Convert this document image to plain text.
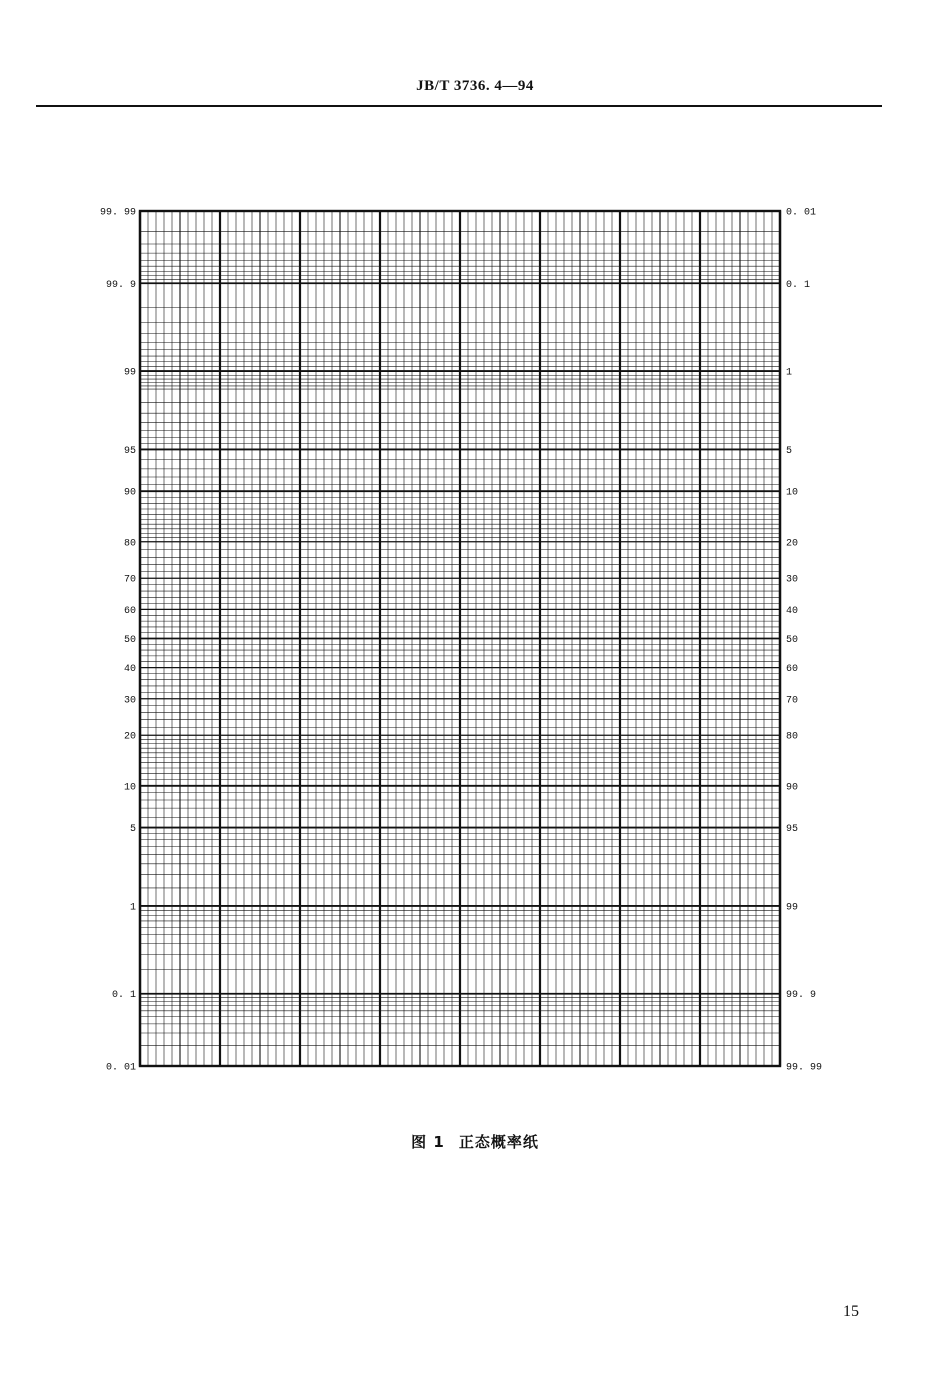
JB/T 3736. 4—94
99. 99
99. 9
99
95
90
80
70
60
50
40
30
20
10
5
1
0. 1
0. 01
0. 01
0. 1
1
5
10
20
30
40
50
60
70
80
90
95
99
99. 9
99. 99
图 1 正态概率纸
15
